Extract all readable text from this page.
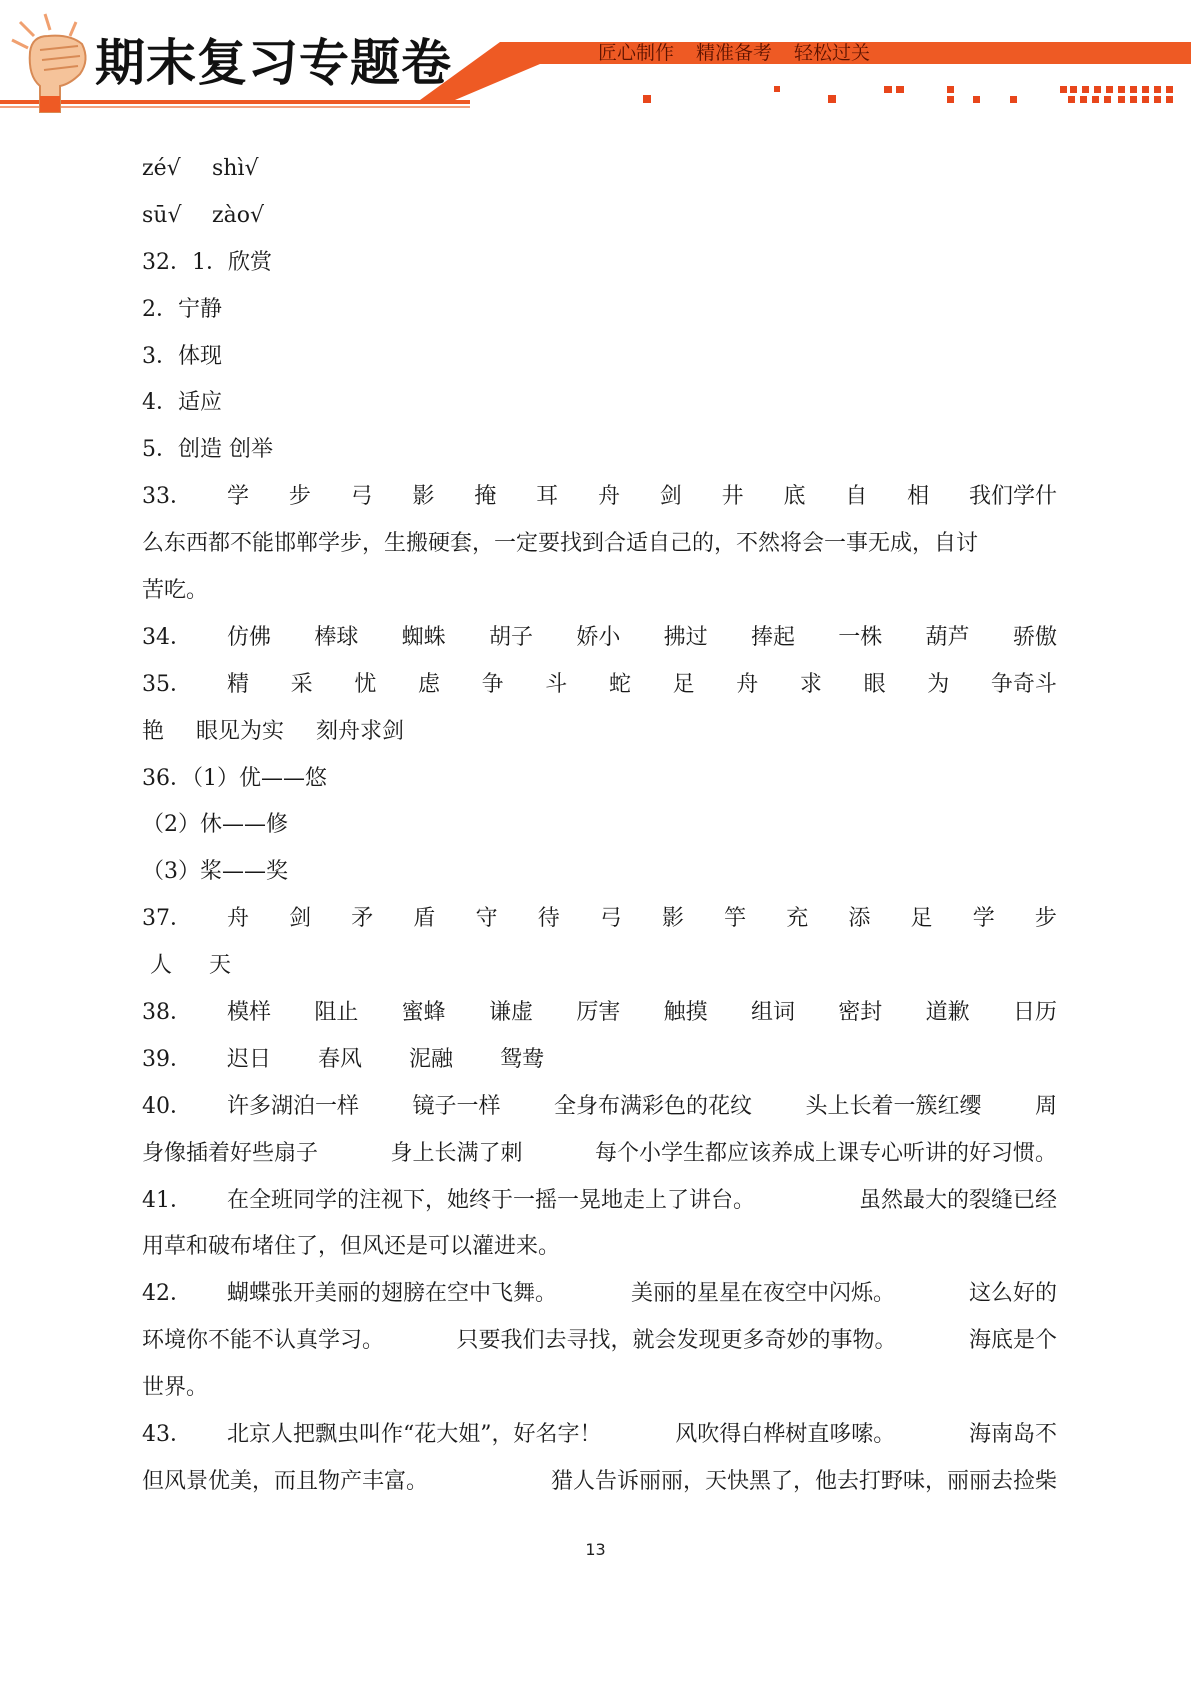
期末复习专题卷	匠心制作 精准备考 轻松过关
zé√ shì√
sū√ zào√
32．1．欣赏
2．宁静
3．体现
4．适应
5．创造 创举
33．	学 步 弓 影 掩 耳 舟 剑 井 底 自 相 我们学什
么东西都不能邯郸学步，生搬硬套，一定要找到合适自己的，不然将会一事无成，自讨
苦吃。
34．	仿佛 棒球 蜘蛛 胡子 娇小 拂过 捧起 一株 葫芦 骄傲
35．	精 采 忧 虑 争 斗 蛇 足 舟 求 眼 为 争奇斗
艳 眼见为实 刻舟求剑
36．（1）优——悠
（2）休——修
（3）桨——奖
37．	舟 剑 矛 盾 守 待 弓 影 竽 充 添 足 学 步
人 天
38．	模样 阻止 蜜蜂 谦虚 厉害 触摸 组词 密封 道歉 日历
39．	迟日 春风 泥融 鸳鸯
40．	许多湖泊一样 镜子一样 全身布满彩色的花纹 头上长着一簇红缨 周
身像插着好些扇子	身上长满了刺	每个小学生都应该养成上课专心听讲的好习惯。
41．	在全班同学的注视下，她终于一摇一晃地走上了讲台。	虽然最大的裂缝已经
用草和破布堵住了，但风还是可以灌进来。
42．	蝴蝶张开美丽的翅膀在空中飞舞。	美丽的星星在夜空中闪烁。	这么好的
环境你不能不认真学习。	只要我们去寻找，就会发现更多奇妙的事物。	海底是个
世界。
43．	北京人把飘虫叫作“花大姐”，好名字！	风吹得白桦树直哆嗦。	海南岛不
但风景优美，而且物产丰富。	猎人告诉丽丽，天快黑了，他去打野味，丽丽去捡柴
13
